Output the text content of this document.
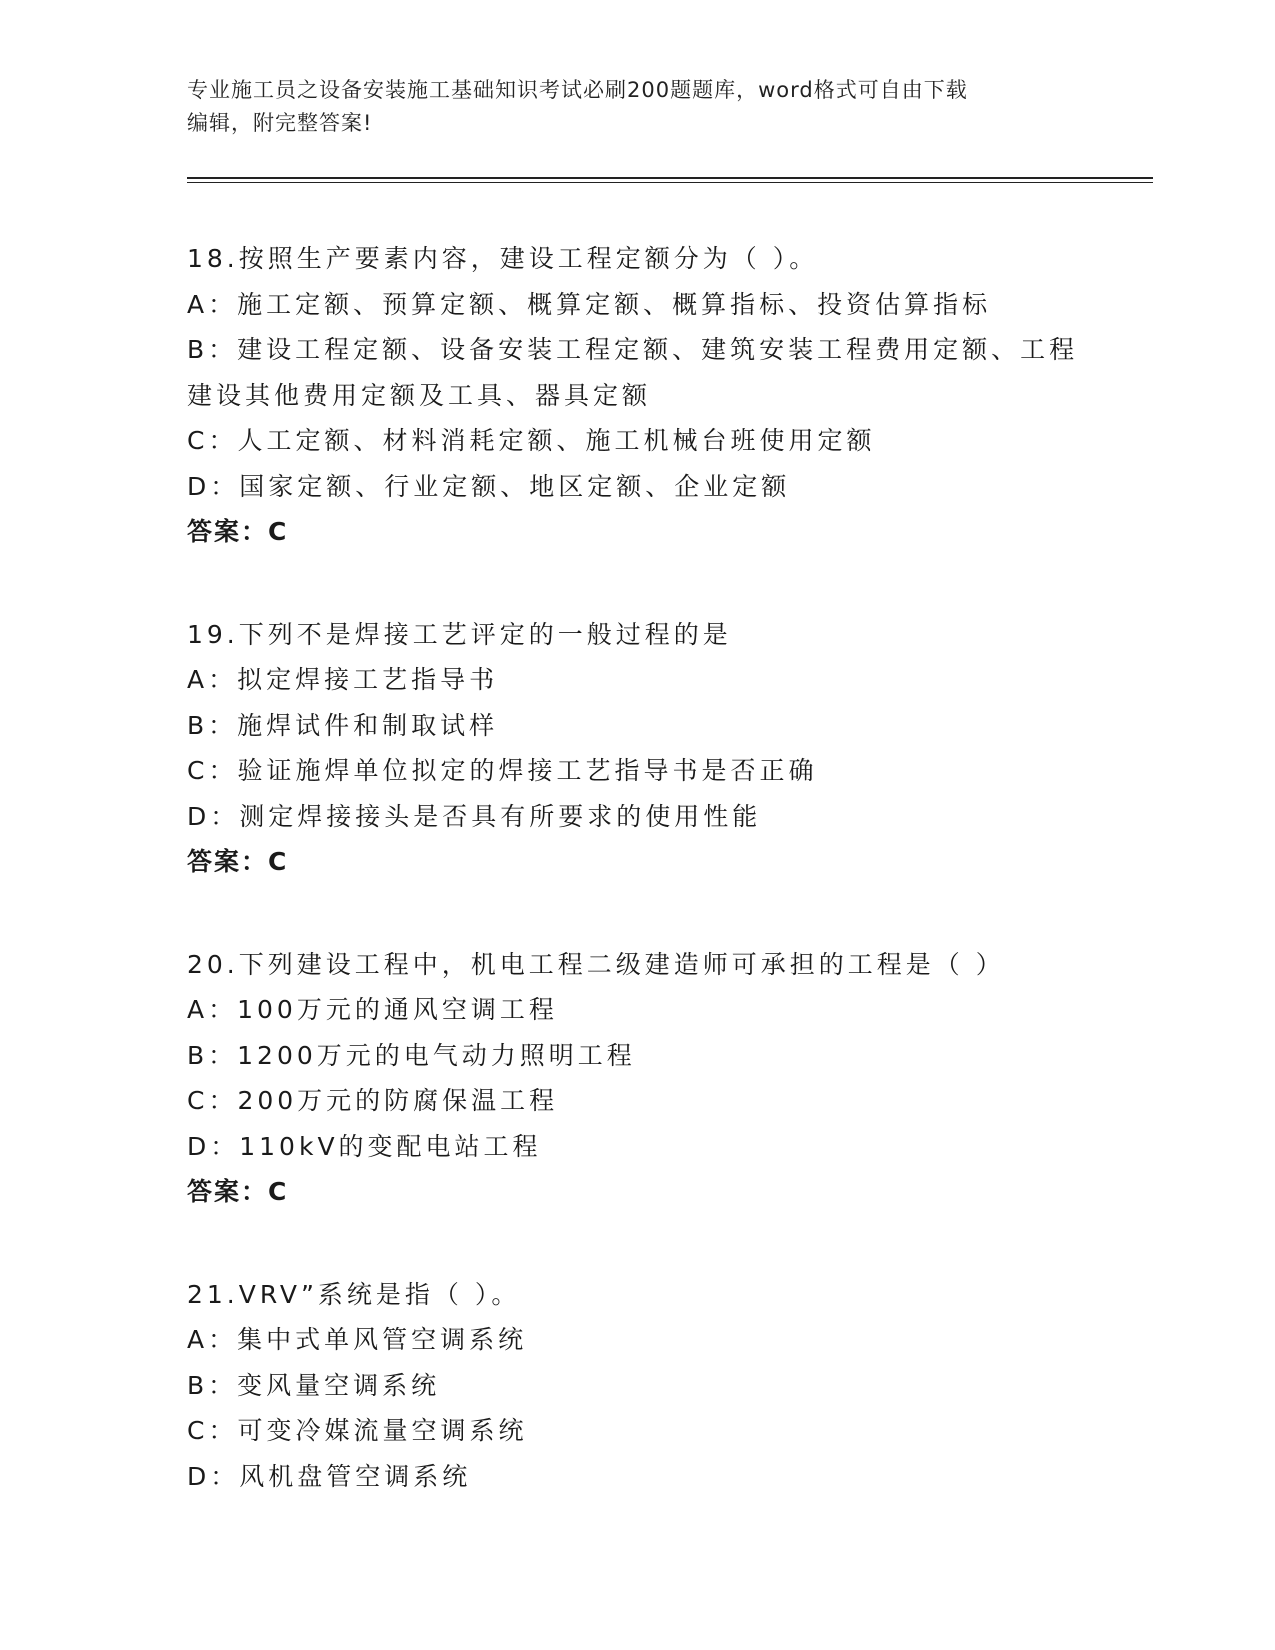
专业施工员之设备安装施工基础知识考试必刷200题题库，word格式可自由下载
编辑，附完整答案!
18.按照生产要素内容，建设工程定额分为（ ）。
A：施工定额、预算定额、概算定额、概算指标、投资估算指标
B：建设工程定额、设备安装工程定额、建筑安装工程费用定额、工程
建设其他费用定额及工具、器具定额
C：人工定额、材料消耗定额、施工机械台班使用定额
D：国家定额、行业定额、地区定额、企业定额
答案：C
19.下列不是焊接工艺评定的一般过程的是
A：拟定焊接工艺指导书
B：施焊试件和制取试样
C：验证施焊单位拟定的焊接工艺指导书是否正确
D：测定焊接接头是否具有所要求的使用性能
答案：C
20.下列建设工程中，机电工程二级建造师可承担的工程是（ ）
A：100万元的通风空调工程
B：1200万元的电气动力照明工程
C：200万元的防腐保温工程
D：110kV的变配电站工程
答案：C
21.VRV”系统是指（ ）。
A：集中式单风管空调系统
B：变风量空调系统
C：可变冷媒流量空调系统
D：风机盘管空调系统
